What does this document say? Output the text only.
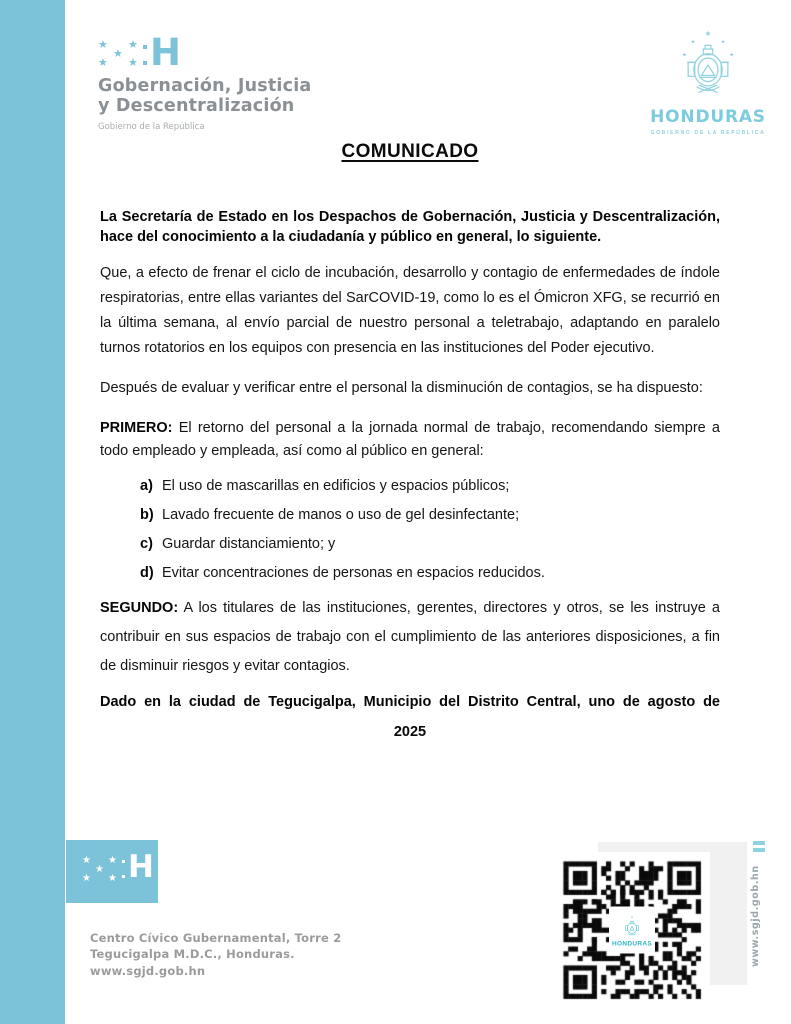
★
★
★
★
★
H
Gobernación, Justicia
y Descentralización
Gobierno de la República
★
★	★
★	★
HONDURAS
GOBIERNO DE LA REPÚBLICA
COMUNICADO

La Secretaría de Estado en los Despachos de Gobernación, Justicia y Descentralización, hace del conocimiento a la ciudadanía y público en general, lo siguiente.

Que, a efecto de frenar el ciclo de incubación, desarrollo y contagio de enfermedades de índole respiratorias, entre ellas variantes del SarCOVID-19, como lo es el Ómicron XFG, se recurrió en la última semana, al envío parcial de nuestro personal a teletrabajo, adaptando en paralelo turnos rotatorios en los equipos con presencia en las instituciones del Poder ejecutivo.

Después de evaluar y verificar entre el personal la disminución de contagios, se ha dispuesto:

PRIMERO: El retorno del personal a la jornada normal de trabajo, recomendando siempre a todo empleado y empleada, así como al público en general:

a) El uso de mascarillas en edificios y espacios públicos;
b) Lavado frecuente de manos o uso de gel desinfectante;
c) Guardar distanciamiento; y
d) Evitar concentraciones de personas en espacios reducidos.

SEGUNDO: A los titulares de las instituciones, gerentes, directores y otros, se les instruye a contribuir en sus espacios de trabajo con el cumplimiento de las anteriores disposiciones, a fin de disminuir riesgos y evitar contagios.

Dado en la ciudad de Tegucigalpa, Municipio del Distrito Central, uno de agosto de
2025
★
★
★
★
★
H
Centro Cívico Gubernamental, Torre 2
Tegucigalpa M.D.C., Honduras.
www.sgjd.gob.hn
★
HONDURAS	www.sgjd.gob.hn
